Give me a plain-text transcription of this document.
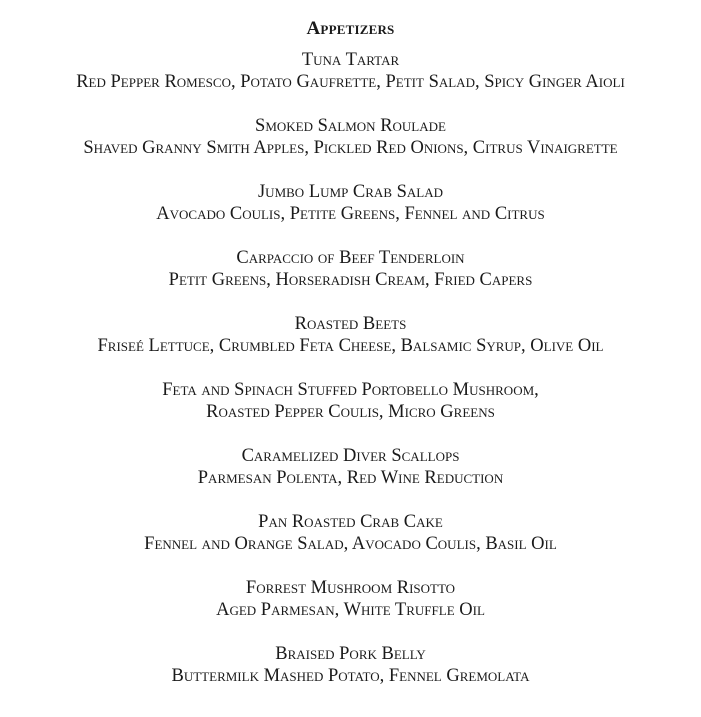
Appetizers
Tuna Tartar
Red Pepper Romesco, Potato Gaufrette, Petit Salad, Spicy Ginger Aioli
Smoked Salmon Roulade
Shaved Granny Smith Apples, Pickled Red Onions, Citrus Vinaigrette
Jumbo Lump Crab Salad
Avocado Coulis, Petite Greens, Fennel and Citrus
Carpaccio of Beef Tenderloin
Petit Greens, Horseradish Cream, Fried Capers
Roasted Beets
Friseé Lettuce, Crumbled Feta Cheese, Balsamic Syrup, Olive Oil
Feta and Spinach Stuffed Portobello Mushroom,
Roasted Pepper Coulis, Micro Greens
Caramelized Diver Scallops
Parmesan Polenta, Red Wine Reduction
Pan Roasted Crab Cake
Fennel and Orange Salad, Avocado Coulis, Basil Oil
Forrest Mushroom Risotto
Aged Parmesan, White Truffle Oil
Braised Pork Belly
Buttermilk Mashed Potato, Fennel Gremolata
